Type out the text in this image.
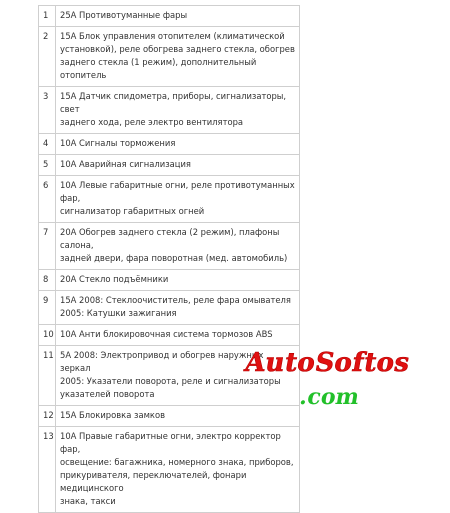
1	25А Противотуманные фары
2	15А Блок управления отопителем (климатической
установкой), реле обогрева заднего стекла, обогрев
заднего стекла (1 режим), дополнительный отопитель
3	15А Датчик спидометра, приборы, сигнализаторы, свет
заднего хода, реле электро вентилятора
4	10А Сигналы торможения
5	10А Аварийная сигнализация
6	10А Левые габаритные огни, реле противотуманных фар,
сигнализатор габаритных огней
7	20А Обогрев заднего стекла (2 режим), плафоны салона,
задней двери, фара поворотная (мед. автомобиль)
8	20А Стекло подъёмники
9	15А 2008: Стеклоочиститель, реле фара омывателя
2005: Катушки зажигания
10	10А Анти блокировочная система тормозов ABS
11	5А 2008: Электропривод и обогрев наружных зеркал
2005: Указатели поворота, реле и сигнализаторы
указателей поворота
12	15А Блокировка замков
13	10А Правые габаритные огни, электро корректор фар,
освещение: багажника, номерного знака, приборов,
прикуривателя, переключателей, фонари медицинского
знака, такси
AutoSoftos
.com
